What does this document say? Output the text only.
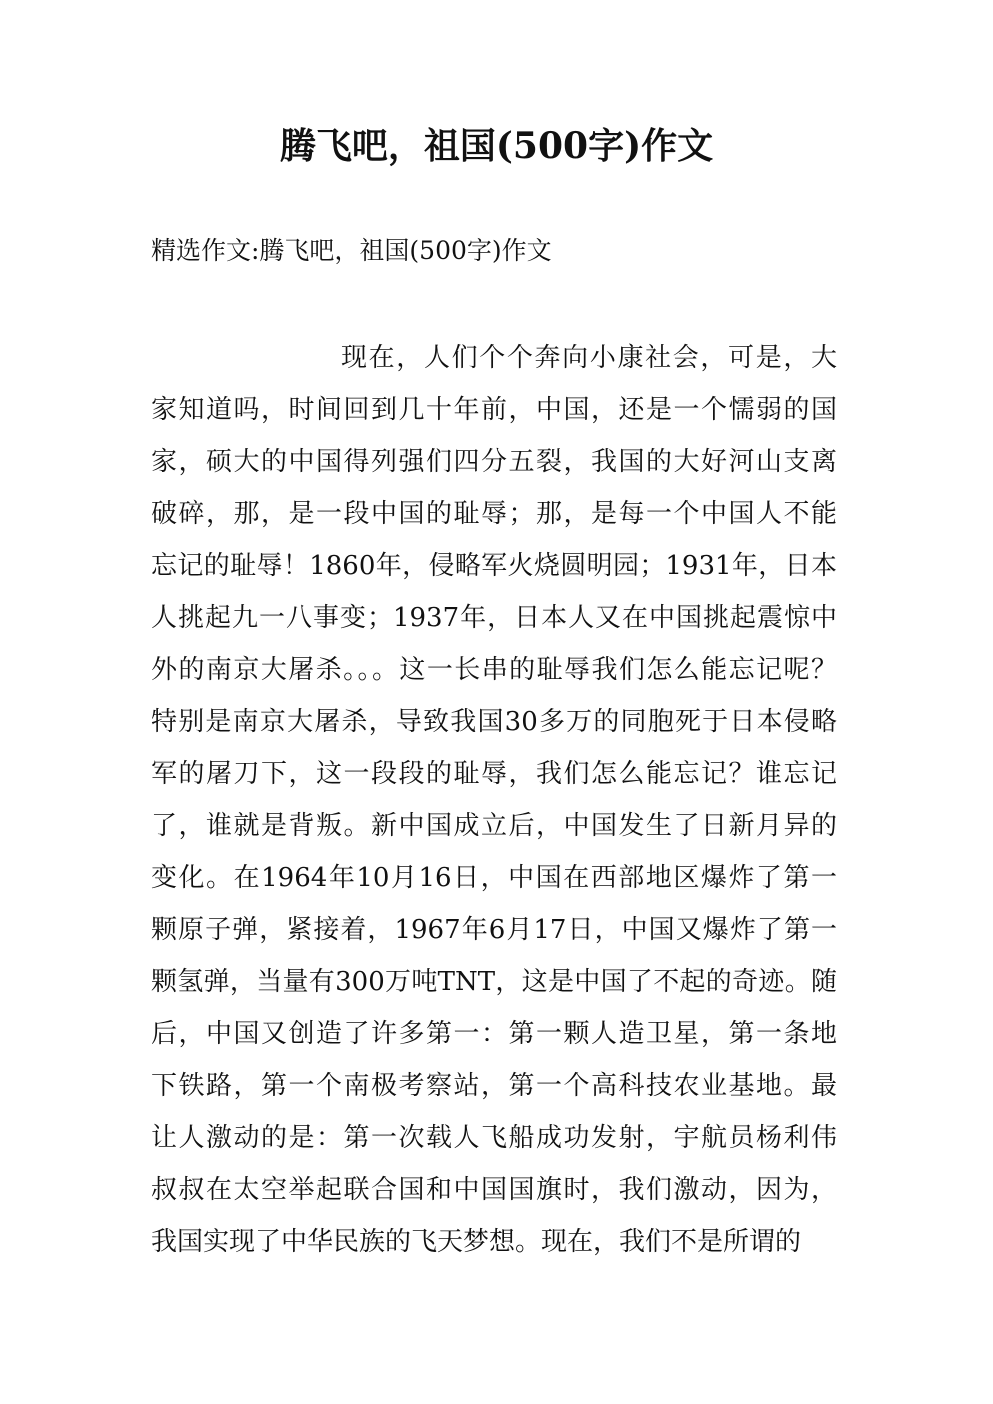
腾飞吧，祖国(500字)作文
精选作文:腾飞吧，祖国(500字)作文
现在，人们个个奔向小康社会，可是，大
家知道吗，时间回到几十年前，中国，还是一个懦弱的国
家，硕大的中国得列强们四分五裂，我国的大好河山支离
破碎，那，是一段中国的耻辱；那，是每一个中国人不能
忘记的耻辱！1860年，侵略军火烧圆明园；1931年，日本
人挑起九一八事变；1937年，日本人又在中国挑起震惊中
外的南京大屠杀。。。这一长串的耻辱我们怎么能忘记呢？
特别是南京大屠杀，导致我国30多万的同胞死于日本侵略
军的屠刀下，这一段段的耻辱，我们怎么能忘记？谁忘记
了，谁就是背叛。新中国成立后，中国发生了日新月异的
变化。在1964年10月16日，中国在西部地区爆炸了第一
颗原子弹，紧接着，1967年6月17日，中国又爆炸了第一
颗氢弹，当量有300万吨TNT，这是中国了不起的奇迹。随
后，中国又创造了许多第一：第一颗人造卫星，第一条地
下铁路，第一个南极考察站，第一个高科技农业基地。最
让人激动的是：第一次载人飞船成功发射，宇航员杨利伟
叔叔在太空举起联合国和中国国旗时，我们激动，因为，
我国实现了中华民族的飞天梦想。现在，我们不是所谓的
